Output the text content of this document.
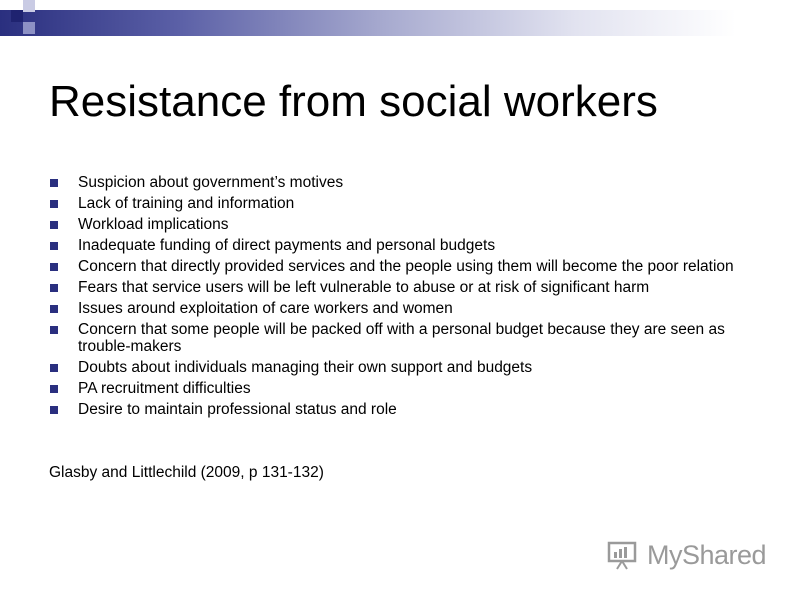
Resistance from social workers
Suspicion about government’s motives
Lack of training and information
Workload implications
Inadequate funding of direct payments and personal budgets
Concern that directly provided services and the people using them will become the poor relation
Fears that service users will be left vulnerable to abuse or at risk of significant harm
Issues around exploitation of care workers and women
Concern that some people will be packed off with a personal budget because they are seen as trouble-makers
Doubts about individuals managing their own support and budgets
PA recruitment difficulties
Desire to maintain professional status and role
Glasby and Littlechild (2009, p 131-132)
MyShared
